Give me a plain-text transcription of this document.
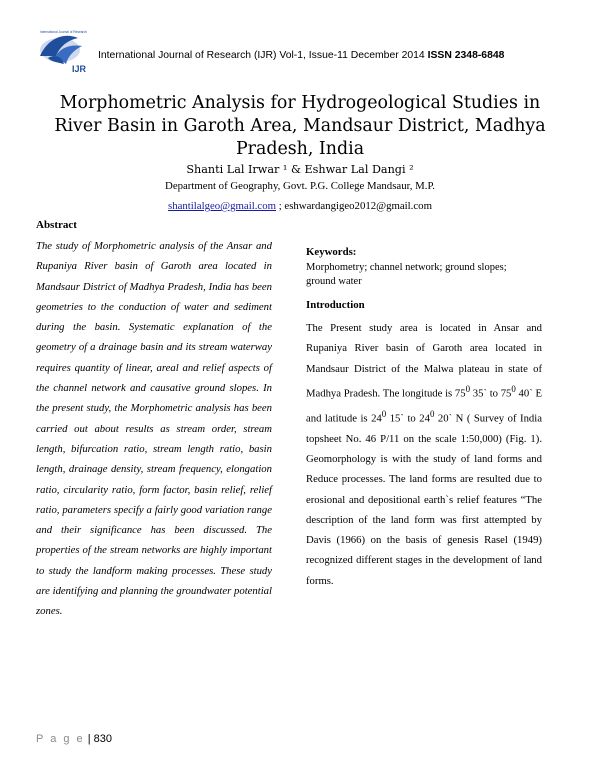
IJR
International Journal of Research
International Journal of Research (IJR) Vol-1, Issue-11 December 2014 ISSN 2348-6848
Morphometric Analysis for Hydrogeological Studies in River Basin in Garoth Area, Mandsaur District, Madhya Pradesh, India
Shanti Lal Irwar ¹ & Eshwar Lal Dangi ²
Department of Geography, Govt. P.G. College Mandsaur, M.P.
shantilalgeo@gmail.com ; eshwardangigeo2012@gmail.com
Abstract
The study of Morphometric analysis of the Ansar and Rupaniya River basin of Garoth area located in Mandsaur District of Madhya Pradesh, India has been geometries to the conduction of water and sediment during the basin. Systematic explanation of the geometry of a drainage basin and its stream waterway requires quantity of linear, areal and relief aspects of the channel network and causative ground slopes. In the present study, the Morphometric analysis has been carried out about results as stream order, stream length, bifurcation ratio, stream length ratio, basin length, drainage density, stream frequency, elongation ratio, circularity ratio, form factor, basin relief, relief ratio, parameters specify a fairly good variation range and their significance has been discussed. The properties of the stream networks are highly important to study the landform making processes. These study are identifying and planning the groundwater potential zones.
Keywords:
Morphometry; channel network; ground slopes; ground water
Introduction
The Present study area is located in Ansar and Rupaniya River basin of Garoth area located in Mandsaur District of the Malwa plateau in state of Madhya Pradesh. The longitude is $75^0$ 35` to $75^0$ 40` E and latitude is $24^0$ 15` to $24^0$ 20` N ( Survey of India topsheet No. 46 P/11 on the scale 1:50,000) (Fig. 1). Geomorphology is with the study of land forms and Reduce processes. The land forms are resulted due to erosional and depositional earth`s relief features “The description of the land form was first attempted by Davis (1966) on the basis of genesis Rasel (1949) recognized different stages in the development of land forms.
P a g e | 830
